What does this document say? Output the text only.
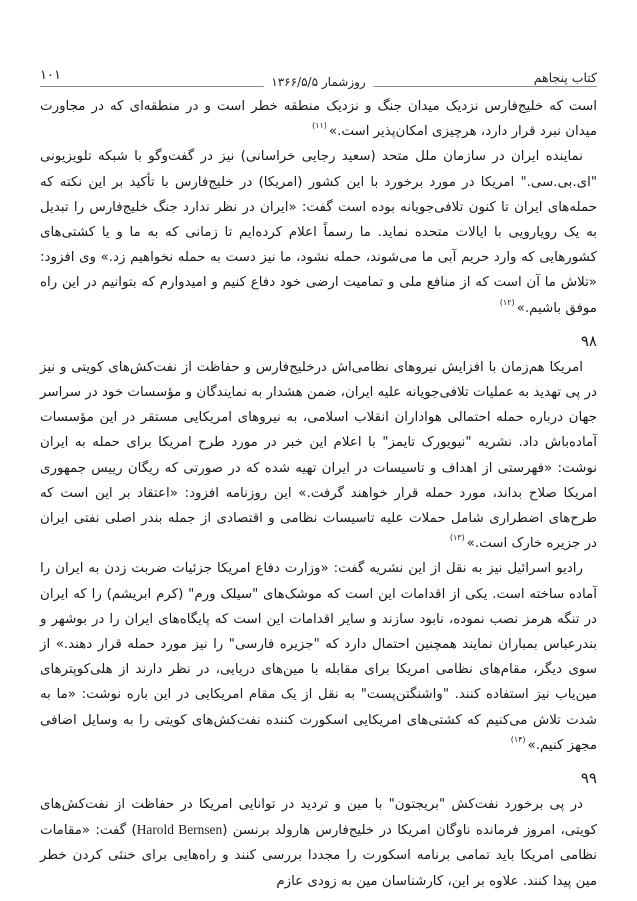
کتاب پنجاهم
روزشمار ۱۳۶۶/۵/۵
۱۰۱

است که خلیج‌فارس نزدیک میدان جنگ و نزدیک منطقه خطر است و در منطقه‌ای که در مجاورت میدان نبرد قرار دارد، هرچیزی امکان‌پذیر است.»$^{(۱۱)}$

نماینده ایران در سازمان ملل متحد (سعید رجایی خراسانی) نیز در گفت‌وگو با شبکه تلویزیونی "ای.بی.سی." امریکا در مورد برخورد با این کشور (امریکا) در خلیج‌فارس با تأکید بر این نکته که حمله‌های ایران تا کنون تلافی‌جویانه بوده است گفت: «ایران در نظر ندارد جنگ خلیج‌فارس را تبدیل به یک رویارویی با ایالات متحده نماید. ما رسماً اعلام کرده‌ایم تا زمانی که به ما و یا کشتی‌های کشورهایی که وارد حریم آبی ما می‌شوند، حمله نشود، ما نیز دست به حمله نخواهیم زد.» وی افزود: «تلاش ما آن است که از منافع ملی و تمامیت ارضی خود دفاع کنیم و امیدوارم که بتوانیم در این راه موفق باشیم.»$^{(۱۲)}$

۹۸

امریکا هم‌زمان با افزایش نیروهای نظامی‌اش درخلیج‌فارس و حفاظت از نفت‌کش‌های کویتی و نیز در پی تهدید به عملیات تلافی‌جویانه علیه ایران، ضمن هشدار به نمایندگان و مؤسسات خود در سراسر جهان درباره حمله احتمالی هواداران انقلاب اسلامی، به نیروهای امریکایی مستقر در این مؤسسات آماده‌باش داد. نشریه "نیویورک تایمز" با اعلام این خبر در مورد طرح امریکا برای حمله به ایران نوشت: «فهرستی از اهداف و تاسیسات در ایران تهیه شده که در صورتی که ریگان رییس جمهوری امریکا صلاح بداند، مورد حمله قرار خواهند گرفت.» این روزنامه افزود: «اعتقاد بر این است که طرح‌های اضطراری شامل حملات علیه تاسیسات نظامی و اقتصادی از جمله بندر اصلی نفتی ایران در جزیره خارک است.»$^{(۱۳)}$

رادیو اسرائیل نیز به نقل از این نشریه گفت: «وزارت دفاع امریکا جزئیات ضربت زدن به ایران را آماده ساخته است. یکی از اقدامات این است که موشک‌های "سیلک ورم" (کرم ابریشم) را که ایران در تنگه هرمز نصب نموده، نابود سازند و سایر اقدامات این است که پایگاه‌های ایران را در بوشهر و بندرعباس بمباران نمایند همچنین احتمال دارد که "جزیره فارسی" را نیز مورد حمله قرار دهند.» از سوی دیگر، مقام‌های نظامی امریکا برای مقابله با مین‌های دریایی، در نظر دارند از هلی‌کوپترهای مین‌یاب نیز استفاده کنند. "واشنگتن‌پست" به نقل از یک مقام امریکایی در این باره نوشت: «ما به شدت تلاش می‌کنیم که کشتی‌های امریکایی اسکورت کننده نفت‌کش‌های کویتی را به وسایل اضافی مجهز کنیم.»$^{(۱۴)}$

۹۹

در پی برخورد نفت‌کش "بریجتون" با مین و تردید در توانایی امریکا در حفاظت از نفت‌کش‌های کویتی، امروز فرمانده ناوگان امریکا در خلیج‌فارس هارولد برنسن (Harold Bernsen) گفت: «مقامات نظامی امریکا باید تمامی برنامه اسکورت را مجددا بررسی کنند و راه‌هایی برای خنثی کردن خطر مین پیدا کنند. علاوه بر این، کارشناسان مین به زودی عازم
